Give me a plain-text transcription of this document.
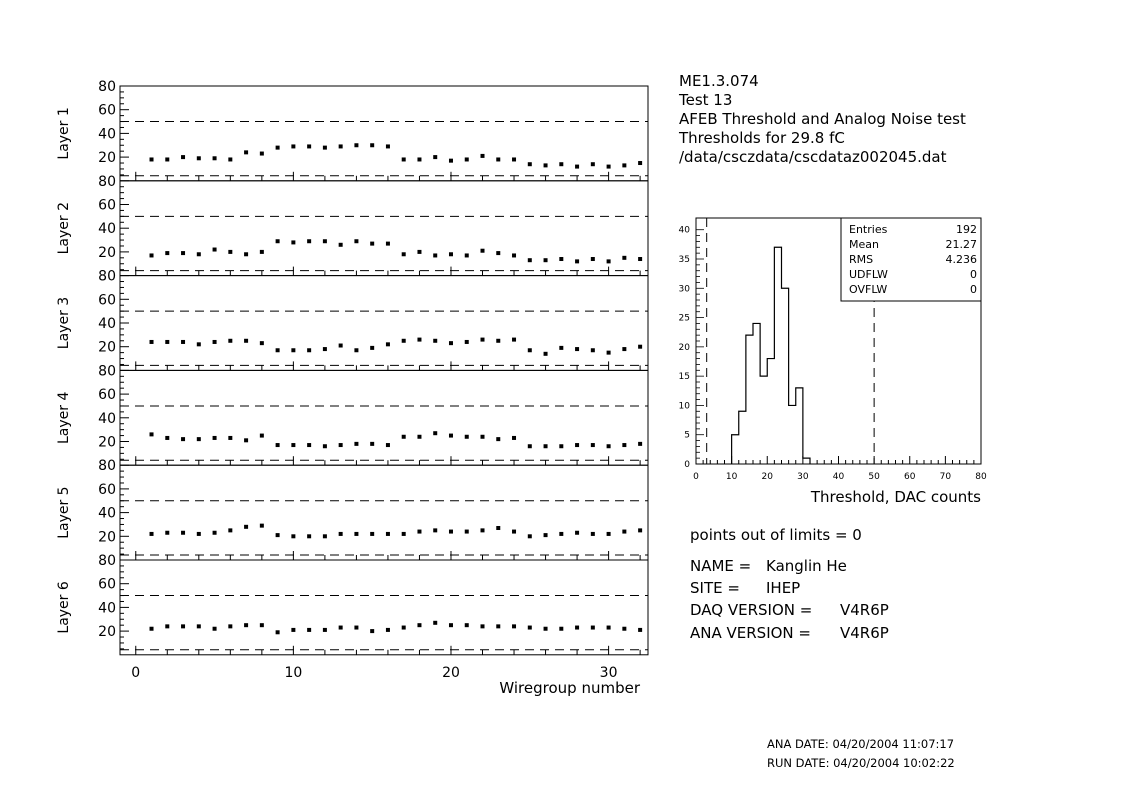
ME1.3.074
Test 13
AFEB Threshold and Analog Noise test
Thresholds for 29.8 fC
/data/csczdata/cscdataz002045.dat
20
40
60
80
Layer 1
20
40
60
80
Layer 2
20
40
60
80
Layer 3
20
40
60
80
Layer 4
20
40
60
80
Layer 5
20
40
60
80
Layer 6
0	10	20	30
Wiregroup number
0	10	20	30	40	50	60	70	80
Threshold, DAC counts
0
5
10
15
20
25
30
35
40	Entries	192
Mean	21.27
RMS	4.236
UDFLW	0
OVFLW	0
points out of limits = 0
NAME = Kanglin He
SITE = IHEP
DAQ VERSION = V4R6P
ANA VERSION = V4R6P
ANA DATE: 04/20/2004 11:07:17
RUN DATE: 04/20/2004 10:02:22
